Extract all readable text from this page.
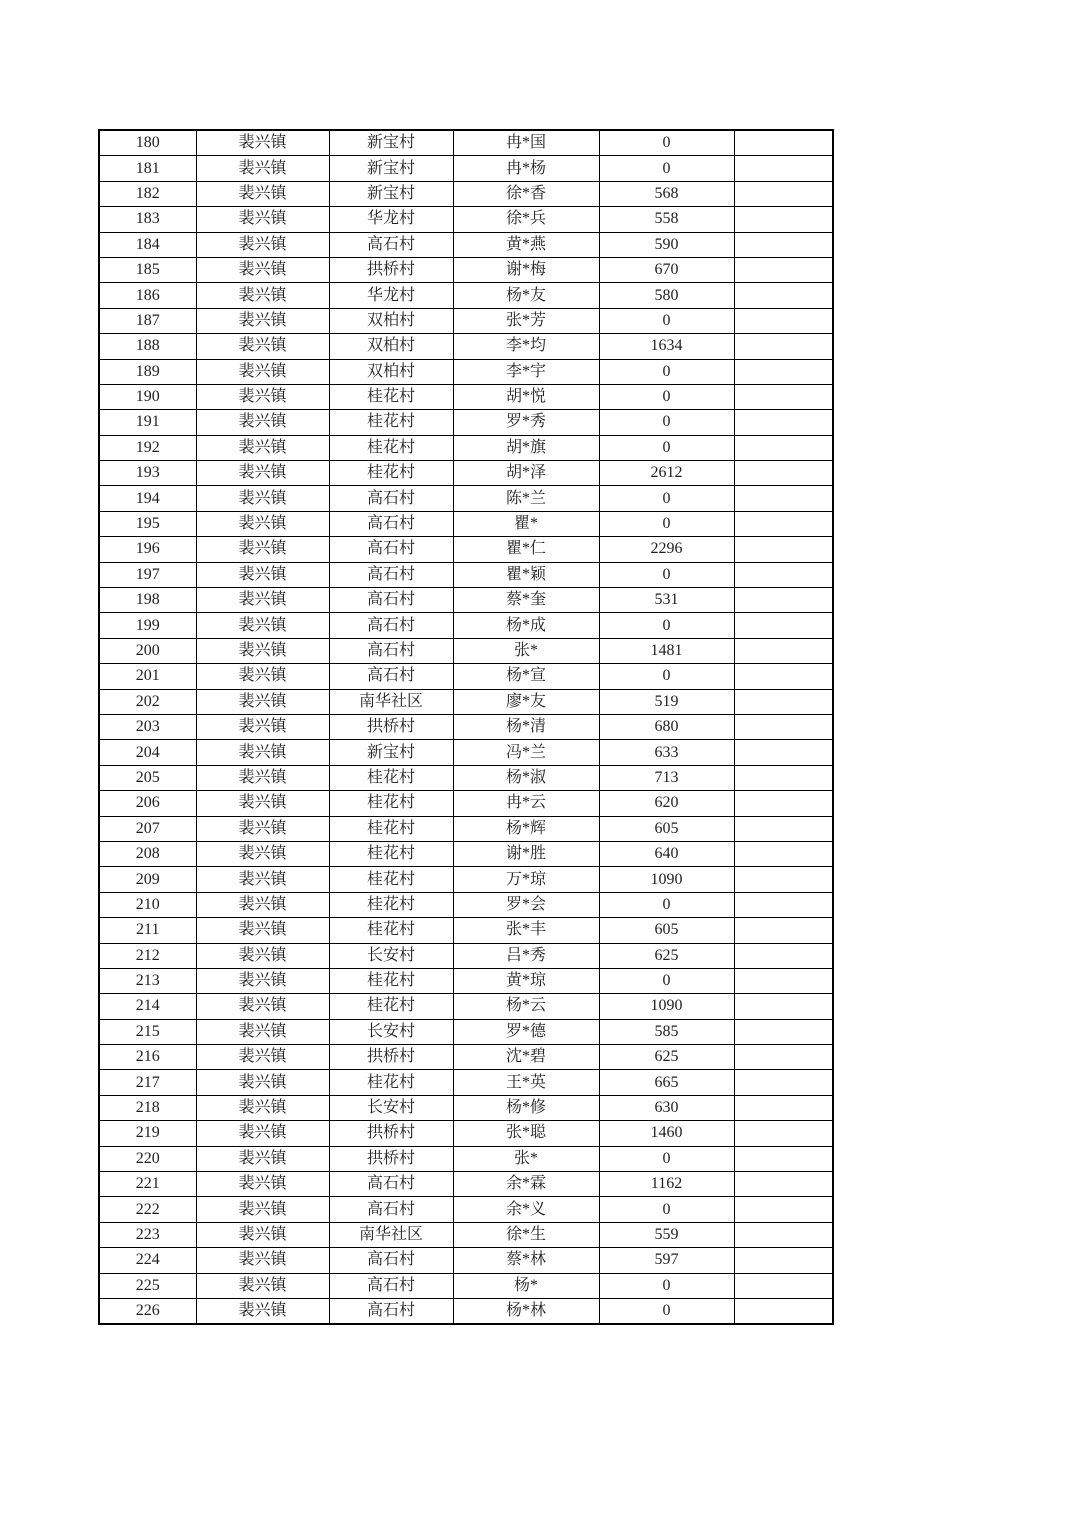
180	裴兴镇	新宝村	冉*国	0	
181	裴兴镇	新宝村	冉*杨	0	
182	裴兴镇	新宝村	徐*香	568	
183	裴兴镇	华龙村	徐*兵	558	
184	裴兴镇	高石村	黄*燕	590	
185	裴兴镇	拱桥村	谢*梅	670	
186	裴兴镇	华龙村	杨*友	580	
187	裴兴镇	双柏村	张*芳	0	
188	裴兴镇	双柏村	李*均	1634	
189	裴兴镇	双柏村	李*宇	0	
190	裴兴镇	桂花村	胡*悦	0	
191	裴兴镇	桂花村	罗*秀	0	
192	裴兴镇	桂花村	胡*旗	0	
193	裴兴镇	桂花村	胡*泽	2612	
194	裴兴镇	高石村	陈*兰	0	
195	裴兴镇	高石村	瞿*	0	
196	裴兴镇	高石村	瞿*仁	2296	
197	裴兴镇	高石村	瞿*颖	0	
198	裴兴镇	高石村	蔡*奎	531	
199	裴兴镇	高石村	杨*成	0	
200	裴兴镇	高石村	张*	1481	
201	裴兴镇	高石村	杨*宣	0	
202	裴兴镇	南华社区	廖*友	519	
203	裴兴镇	拱桥村	杨*清	680	
204	裴兴镇	新宝村	冯*兰	633	
205	裴兴镇	桂花村	杨*淑	713	
206	裴兴镇	桂花村	冉*云	620	
207	裴兴镇	桂花村	杨*辉	605	
208	裴兴镇	桂花村	谢*胜	640	
209	裴兴镇	桂花村	万*琼	1090	
210	裴兴镇	桂花村	罗*会	0	
211	裴兴镇	桂花村	张*丰	605	
212	裴兴镇	长安村	吕*秀	625	
213	裴兴镇	桂花村	黄*琼	0	
214	裴兴镇	桂花村	杨*云	1090	
215	裴兴镇	长安村	罗*德	585	
216	裴兴镇	拱桥村	沈*碧	625	
217	裴兴镇	桂花村	王*英	665	
218	裴兴镇	长安村	杨*修	630	
219	裴兴镇	拱桥村	张*聪	1460	
220	裴兴镇	拱桥村	张*	0	
221	裴兴镇	高石村	余*霖	1162	
222	裴兴镇	高石村	余*义	0	
223	裴兴镇	南华社区	徐*生	559	
224	裴兴镇	高石村	蔡*林	597	
225	裴兴镇	高石村	杨*	0	
226	裴兴镇	高石村	杨*林	0	
